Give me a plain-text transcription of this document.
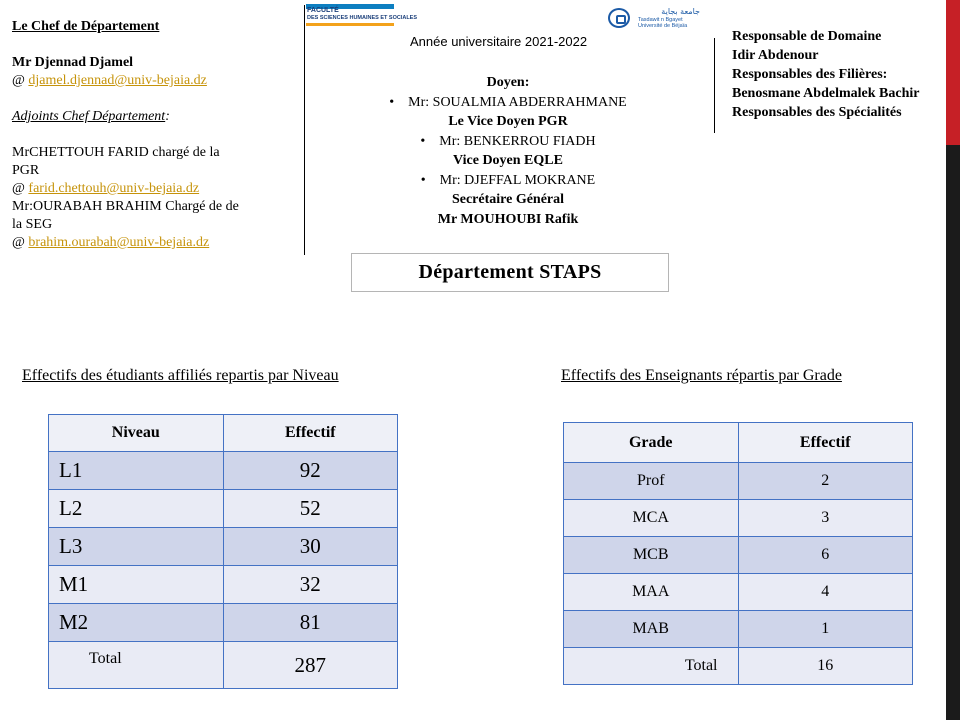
Le Chef de Département

Mr Djennad Djamel

@ djamel.djennad@univ-bejaia.dz

Adjoints Chef Département:

MrCHETTOUH FARID chargé de la

PGR

@ farid.chettouh@univ-bejaia.dz

Mr:OURABAH BRAHIM Chargé de de

la SEG

@ brahim.ourabah@univ-bejaia.dz

FACULTÉ
DES SCIENCES HUMAINES ET SOCIALES
جامعة بجاية
Tasdawit n Bgayet
Université de Béjaïa
Année universitaire 2021-2022
Doyen:
• Mr: SOUALMIA ABDERRAHMANE
Le Vice Doyen PGR
• Mr: BENKERROU FIADH
Vice Doyen EQLE
• Mr: DJEFFAL MOKRANE
Secrétaire Général
Mr MOUHOUBI Rafik
Responsable de Domaine
Idir Abdenour
Responsables des Filières:
Benosmane Abdelmalek Bachir
Responsables des Spécialités
Département STAPS
Effectifs des étudiants affiliés repartis par Niveau	Effectifs des Enseignants répartis par Grade
Niveau	Effectif
L1	92
L2	52
L3	30
M1	32
M2	81
Total	287
Grade	Effectif
Prof	2
MCA	3
MCB	6
MAA	4
MAB	1
Total	16
